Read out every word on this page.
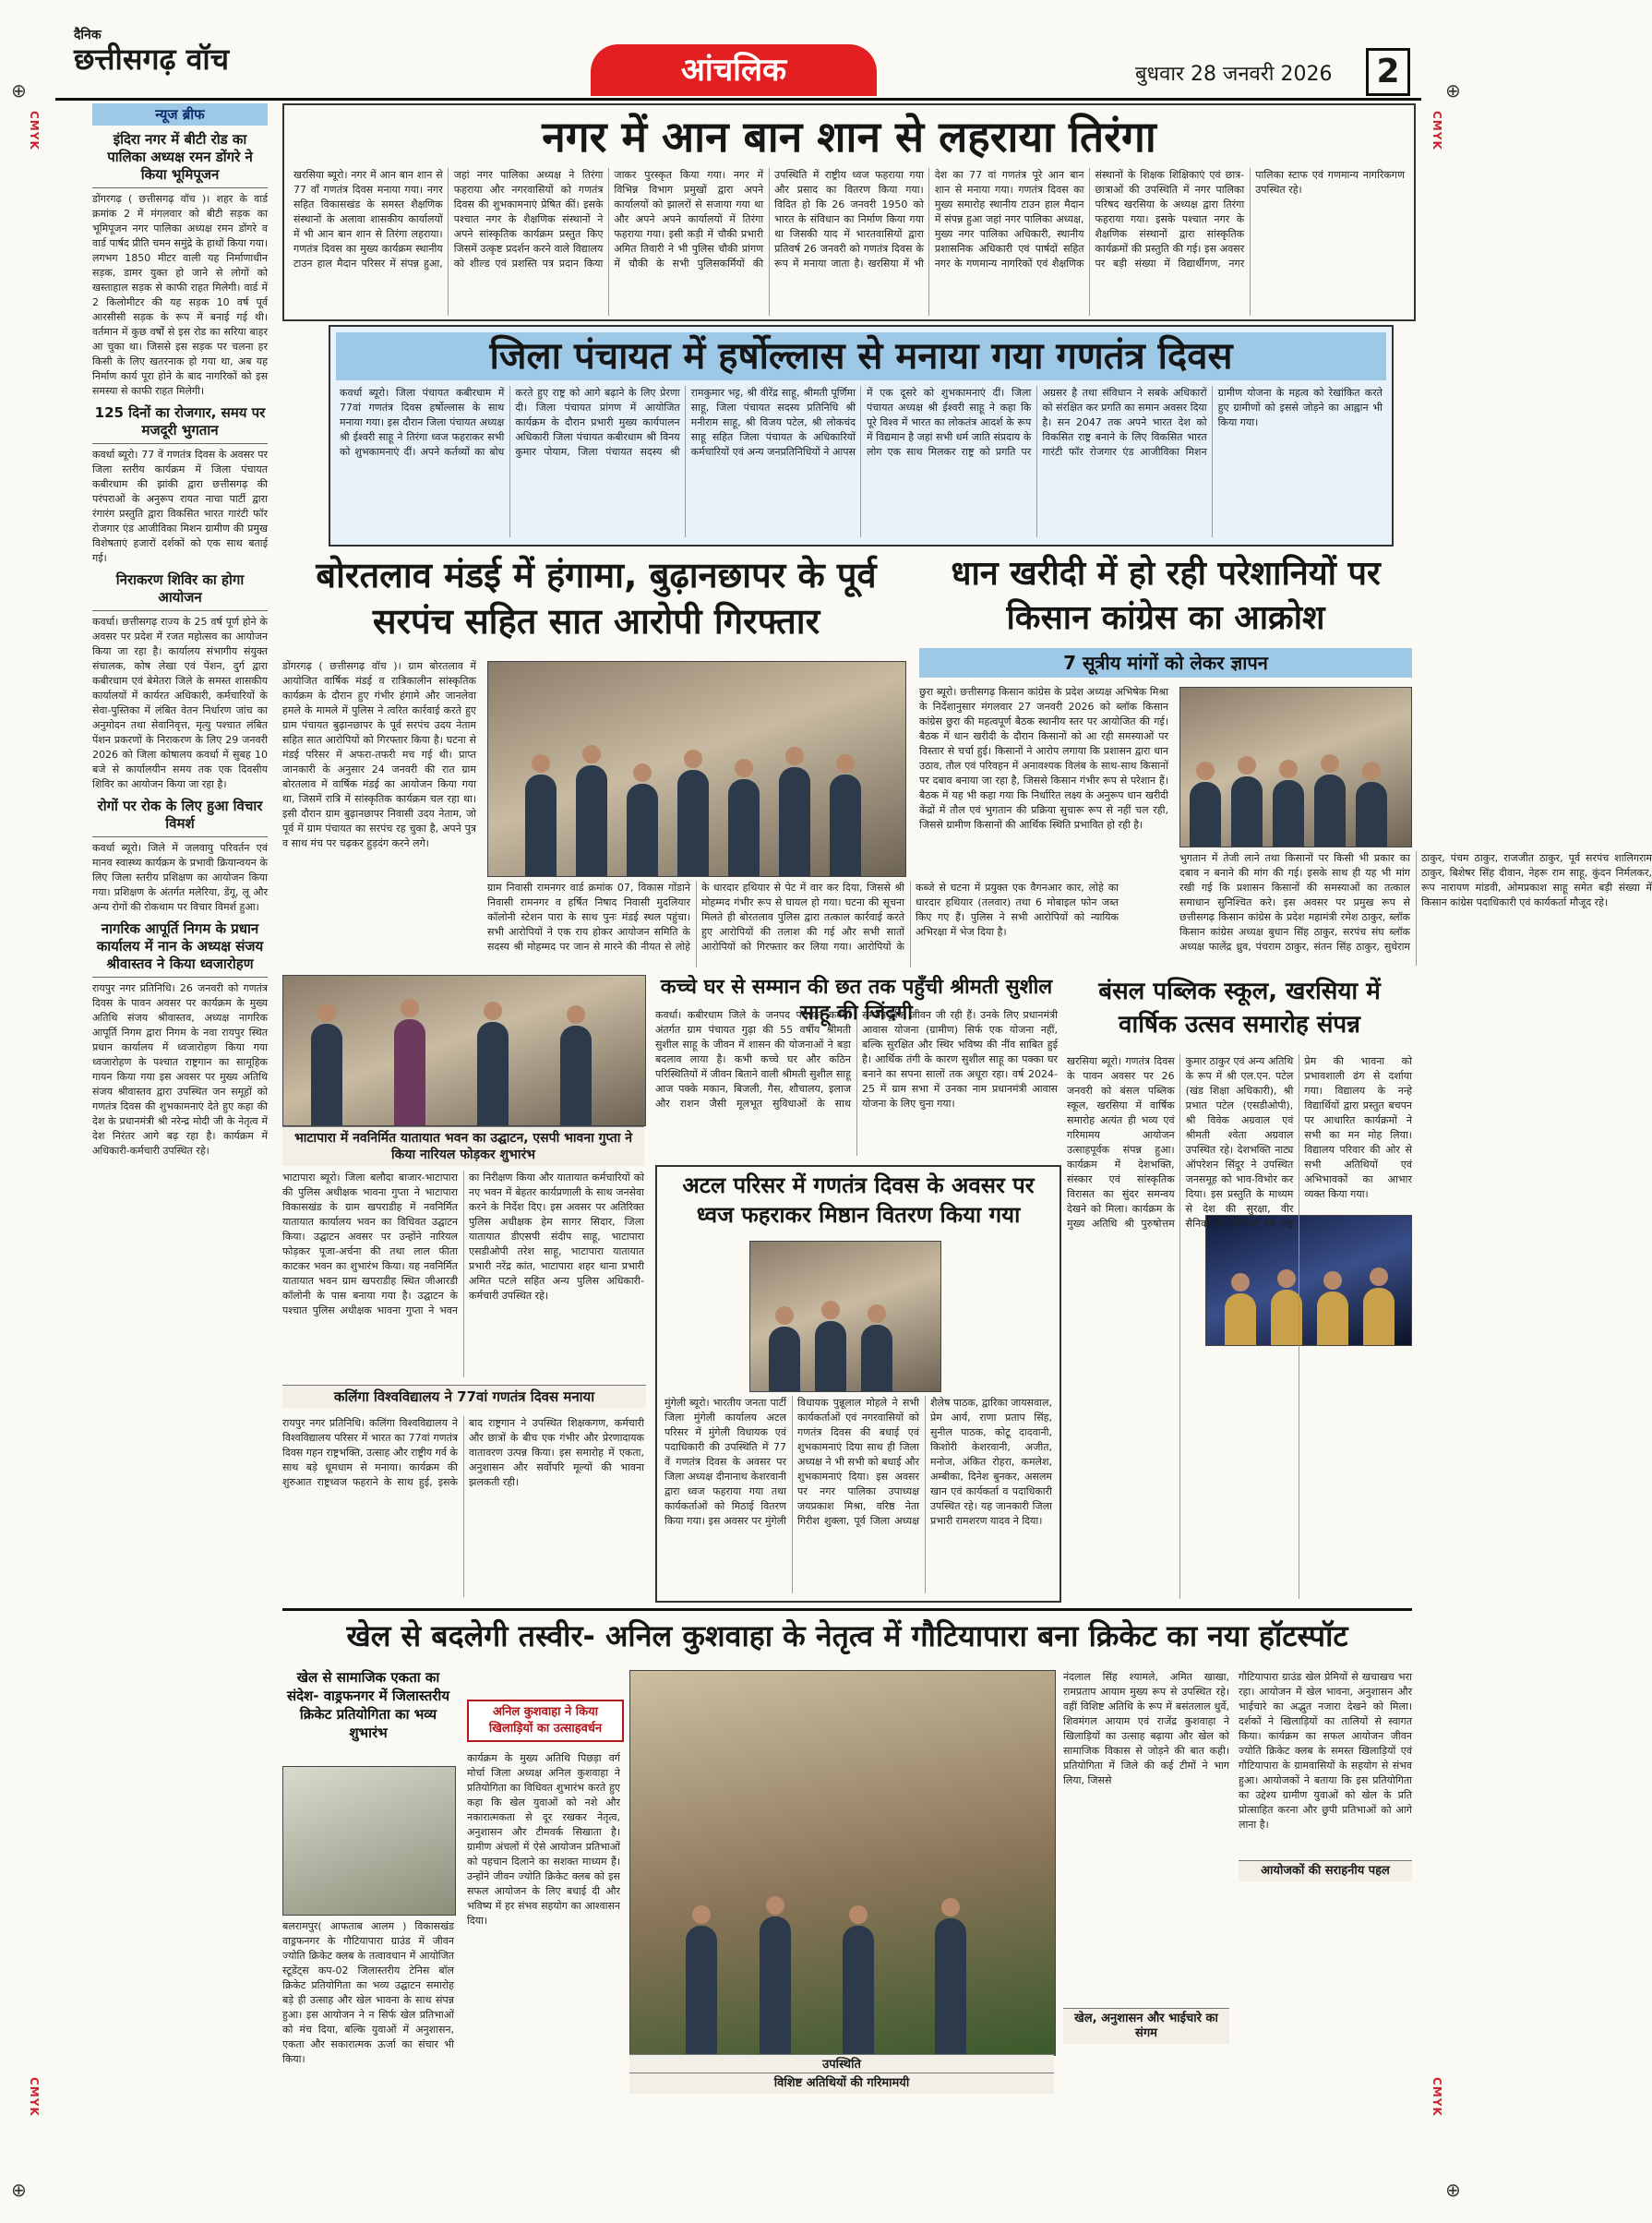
दैनिक
छत्तीसगढ़ वॉच	आंचलिक	बुधवार 28 जनवरी 2026	2
⊕	⊕
⊕	⊕
CMYK	CMYK
CMYK	CMYK
न्यूज ब्रीफ
इंदिरा नगर में बीटी रोड का पालिका अध्यक्ष रमन डोंगरे ने किया भूमिपूजन

डोंगरगढ़ ( छत्तीसगढ़ वॉच )। शहर के वार्ड क्रमांक 2 में मंगलवार को बीटी सड़क का भूमिपूजन नगर पालिका अध्यक्ष रमन डोंगरे व वार्ड पार्षद प्रीति चमन समुंद्रे के हाथों किया गया। लगभग 1850 मीटर वाली यह निर्माणाधीन सड़क, डामर युक्त हो जाने से लोगों को खस्ताहाल सड़क से काफी राहत मिलेगी। वार्ड में 2 किलोमीटर की यह सड़क 10 वर्ष पूर्व आरसीसी सड़क के रूप में बनाई गई थी। वर्तमान में कुछ वर्षों से इस रोड का सरिया बाहर आ चुका था। जिससे इस सड़क पर चलना हर किसी के लिए खतरनाक हो गया था, अब यह निर्माण कार्य पूरा होने के बाद नागरिकों को इस समस्या से काफी राहत मिलेगी।

125 दिनों का रोजगार, समय पर मजदूरी भुगतान

कवर्धा ब्यूरो। 77 वें गणतंत्र दिवस के अवसर पर जिला स्तरीय कार्यक्रम में जिला पंचायत कबीरधाम की झांकी द्वारा छत्तीसगढ़ की परंपराओं के अनुरूप रायत नाचा पार्टी द्वारा रंगारंग प्रस्तुति द्वारा विकसित भारत गारंटी फॉर रोजगार एंड आजीविका मिशन ग्रामीण की प्रमुख विशेषताएं हजारों दर्शकों को एक साथ बताई गई।

निराकरण शिविर का होगा आयोजन

कवर्धा। छत्तीसगढ़ राज्य के 25 वर्ष पूर्ण होने के अवसर पर प्रदेश में रजत महोत्सव का आयोजन किया जा रहा है। कार्यालय संभागीय संयुक्त संचालक, कोष लेखा एवं पेंशन, दुर्ग द्वारा कबीरधाम एवं बेमेतरा जिले के समस्त शासकीय कार्यालयों में कार्यरत अधिकारी, कर्मचारियों के सेवा-पुस्तिका में लंबित वेतन निर्धारण जांच का अनुमोदन तथा सेवानिवृत्त, मृत्यु पश्चात लंबित पेंशन प्रकरणों के निराकरण के लिए 29 जनवरी 2026 को जिला कोषालय कवर्धा में सुबह 10 बजे से कार्यालयीन समय तक एक दिवसीय शिविर का आयोजन किया जा रहा है।

रोगों पर रोक के लिए हुआ विचार विमर्श

कवर्धा ब्यूरो। जिले में जलवायु परिवर्तन एवं मानव स्वास्थ्य कार्यक्रम के प्रभावी क्रियान्वयन के लिए जिला स्तरीय प्रशिक्षण का आयोजन किया गया। प्रशिक्षण के अंतर्गत मलेरिया, डेंगू, लू और अन्य रोगों की रोकथाम पर विचार विमर्श हुआ।

नागरिक आपूर्ति निगम के प्रधान कार्यालय में नान के अध्यक्ष संजय श्रीवास्तव ने किया ध्वजारोहण

रायपुर नगर प्रतिनिधि। 26 जनवरी को गणतंत्र दिवस के पावन अवसर पर कार्यक्रम के मुख्य अतिथि संजय श्रीवास्तव, अध्यक्ष नागरिक आपूर्ति निगम द्वारा निगम के नवा रायपुर स्थित प्रधान कार्यालय में ध्वजारोहण किया गया ध्वजारोहण के पश्चात राष्ट्रगान का सामूहिक गायन किया गया इस अवसर पर मुख्य अतिथि संजय श्रीवास्तव द्वारा उपस्थित जन समूहों को गणतंत्र दिवस की शुभकामनाएं देते हुए कहा की देश के प्रधानमंत्री श्री नरेन्द्र मोदी जी के नेतृत्व में देश निरंतर आगे बढ़ रहा है। कार्यक्रम में अधिकारी-कर्मचारी उपस्थित रहे।

नगर में आन बान शान से लहराया तिरंगा

खरसिया ब्यूरो। नगर में आन बान शान से 77 वाँ गणतंत्र दिवस मनाया गया। नगर सहित विकासखंड के समस्त शैक्षणिक संस्थानों के अलावा शासकीय कार्यालयों में भी आन बान शान से तिरंगा लहराया। गणतंत्र दिवस का मुख्य कार्यक्रम स्थानीय टाउन हाल मैदान परिसर में संपन्न हुआ, जहां नगर पालिका अध्यक्ष ने तिरंगा फहराया और नगरवासियों को गणतंत्र दिवस की शुभकामनाएं प्रेषित कीं। इसके पश्चात नगर के शैक्षणिक संस्थानों ने अपने सांस्कृतिक कार्यक्रम प्रस्तुत किए जिसमें उत्कृष्ट प्रदर्शन करने वाले विद्यालय को शील्ड एवं प्रशस्ति पत्र प्रदान किया जाकर पुरस्कृत किया गया। नगर में विभिन्न विभाग प्रमुखों द्वारा अपने कार्यालयों को झालरों से सजाया गया था और अपने अपने कार्यालयों में तिरंगा फहराया गया। इसी कड़ी में चौकी प्रभारी अमित तिवारी ने भी पुलिस चौकी प्रांगण में चौकी के सभी पुलिसकर्मियों की उपस्थिति में राष्ट्रीय ध्वज फहराया गया और प्रसाद का वितरण किया गया। विदित हो कि 26 जनवरी 1950 को भारत के संविधान का निर्माण किया गया था जिसकी याद में भारतवासियों द्वारा प्रतिवर्ष 26 जनवरी को गणतंत्र दिवस के रूप में मनाया जाता है। खरसिया में भी देश का 77 वां गणतंत्र पूरे आन बान शान से मनाया गया। गणतंत्र दिवस का मुख्य समारोह स्थानीय टाउन हाल मैदान में संपन्न हुआ जहां नगर पालिका अध्यक्ष, मुख्य नगर पालिका अधिकारी, स्थानीय प्रशासनिक अधिकारी एवं पार्षदों सहित नगर के गणमान्य नागरिकों एवं शैक्षणिक संस्थानों के शिक्षक शिक्षिकाएं एवं छात्र-छात्राओं की उपस्थिति में नगर पालिका परिषद खरसिया के अध्यक्ष द्वारा तिरंगा फहराया गया। इसके पश्चात नगर के शैक्षणिक संस्थानों द्वारा सांस्कृतिक कार्यक्रमों की प्रस्तुति की गई। इस अवसर पर बड़ी संख्या में विद्यार्थीगण, नगर पालिका स्टाफ एवं गणमान्य नागरिकगण उपस्थित रहे।

जिला पंचायत में हर्षोल्लास से मनाया गया गणतंत्र दिवस

कवर्धा ब्यूरो। जिला पंचायत कबीरधाम में 77वां गणतंत्र दिवस हर्षोल्लास के साथ मनाया गया। इस दौरान जिला पंचायत अध्यक्ष श्री ईश्वरी साहू ने तिरंगा ध्वज फहराकर सभी को शुभकामनाएं दीं। अपने कर्तव्यों का बोध करते हुए राष्ट्र को आगे बढ़ाने के लिए प्रेरणा दी। जिला पंचायत प्रांगण में आयोजित कार्यक्रम के दौरान प्रभारी मुख्य कार्यपालन अधिकारी जिला पंचायत कबीरधाम श्री विनय कुमार पोयाम, जिला पंचायत सदस्य श्री रामकुमार भट्ट, श्री वीरेंद्र साहू, श्रीमती पूर्णिमा साहू, जिला पंचायत सदस्य प्रतिनिधि श्री मनीराम साहू, श्री विजय पटेल, श्री लोकचंद साहू सहित जिला पंचायत के अधिकारियों कर्मचारियों एवं अन्य जनप्रतिनिधियों ने आपस में एक दूसरे को शुभकामनाएं दीं। जिला पंचायत अध्यक्ष श्री ईश्वरी साहू ने कहा कि पूरे विश्व में भारत का लोकतंत्र आदर्श के रूप में विद्यमान है जहां सभी धर्म जाति संप्रदाय के लोग एक साथ मिलकर राष्ट्र को प्रगति पर अग्रसर है तथा संविधान ने सबके अधिकारों को संरक्षित कर प्रगति का समान अवसर दिया है। सन 2047 तक अपने भारत देश को विकसित राष्ट्र बनाने के लिए विकसित भारत गारंटी फॉर रोजगार एंड आजीविका मिशन ग्रामीण योजना के महत्व को रेखांकित करते हुए ग्रामीणों को इससे जोड़ने का आह्वान भी किया गया।

बोरतलाव मंडई में हंगामा, बुढ़ानछापर के पूर्व सरपंच सहित सात आरोपी गिरफ्तार

डोंगरगढ़ ( छत्तीसगढ़ वॉच )। ग्राम बोरतलाव में आयोजित वार्षिक मंडई व रात्रिकालीन सांस्कृतिक कार्यक्रम के दौरान हुए गंभीर हंगामे और जानलेवा हमले के मामले में पुलिस ने त्वरित कार्रवाई करते हुए ग्राम पंचायत बुढ़ानछापर के पूर्व सरपंच उदय नेताम सहित सात आरोपियों को गिरफ्तार किया है। घटना से मंडई परिसर में अफरा-तफरी मच गई थी। प्राप्त जानकारी के अनुसार 24 जनवरी की रात ग्राम बोरतलाव में वार्षिक मंडई का आयोजन किया गया था, जिसमें रात्रि में सांस्कृतिक कार्यक्रम चल रहा था। इसी दौरान ग्राम बुढ़ानछापर निवासी उदय नेताम, जो पूर्व में ग्राम पंचायत का सरपंच रह चुका है, अपने पुत्र व साथ मंच पर चढ़कर हुड़दंग करने लगे।

ग्राम निवासी रामनगर वार्ड क्रमांक 07, विकास गोंडाने निवासी रामनगर व हर्षित निषाद निवासी मुदलियार कॉलोनी स्टेशन पारा के साथ पुनः मंडई स्थल पहुंचा। सभी आरोपियों ने एक राय होकर आयोजन समिति के सदस्य श्री मोहम्मद पर जान से मारने की नीयत से लोहे के धारदार हथियार से पेट में वार कर दिया, जिससे श्री मोहम्मद गंभीर रूप से घायल हो गया। घटना की सूचना मिलते ही बोरतलाव पुलिस द्वारा तत्काल कार्रवाई करते हुए आरोपियों की तलाश की गई और सभी सातों आरोपियों को गिरफ्तार कर लिया गया। आरोपियों के कब्जे से घटना में प्रयुक्त एक वैगनआर कार, लोहे का धारदार हथियार (तलवार) तथा 6 मोबाइल फोन जब्त किए गए हैं। पुलिस ने सभी आरोपियों को न्यायिक अभिरक्षा में भेज दिया है।

धान खरीदी में हो रही परेशानियों पर किसान कांग्रेस का आक्रोश
7 सूत्रीय मांगों को लेकर ज्ञापन

छुरा ब्यूरो। छत्तीसगढ़ किसान कांग्रेस के प्रदेश अध्यक्ष अभिषेक मिश्रा के निर्देशानुसार मंगलवार 27 जनवरी 2026 को ब्लॉक किसान कांग्रेस छुरा की महत्वपूर्ण बैठक स्थानीय स्तर पर आयोजित की गई। बैठक में धान खरीदी के दौरान किसानों को आ रही समस्याओं पर विस्तार से चर्चा हुई। किसानों ने आरोप लगाया कि प्रशासन द्वारा धान उठाव, तौल एवं परिवहन में अनावश्यक विलंब के साथ-साथ किसानों पर दबाव बनाया जा रहा है, जिससे किसान गंभीर रूप से परेशान हैं। बैठक में यह भी कहा गया कि निर्धारित लक्ष्य के अनुरूप धान खरीदी केंद्रों में तौल एवं भुगतान की प्रक्रिया सुचारू रूप से नहीं चल रही, जिससे ग्रामीण किसानों की आर्थिक स्थिति प्रभावित हो रही है।

भुगतान में तेजी लाने तथा किसानों पर किसी भी प्रकार का दबाव न बनाने की मांग की गई। इसके साथ ही यह भी मांग रखी गई कि प्रशासन किसानों की समस्याओं का तत्काल समाधान सुनिश्चित करे। इस अवसर पर प्रमुख रूप से छत्तीसगढ़ किसान कांग्रेस के प्रदेश महामंत्री रमेश ठाकुर, ब्लॉक किसान कांग्रेस अध्यक्ष बुधान सिंह ठाकुर, सरपंच संघ ब्लॉक अध्यक्ष फालेंद्र ध्रुव, पंचराम ठाकुर, संतन सिंह ठाकुर, सुधेराम ठाकुर, पंचम ठाकुर, राजजीत ठाकुर, पूर्व सरपंच शालिगराम ठाकुर, बिशेषर सिंह दीवान, नेहरू राम साहू, कुंदन निर्मलकर, रूप नारायण मांडवी, ओमप्रकाश साहू समेत बड़ी संख्या में किसान कांग्रेस पदाधिकारी एवं कार्यकर्ता मौजूद रहे।

भाटापारा में नवनिर्मित यातायात भवन का उद्घाटन, एसपी भावना गुप्ता ने किया नारियल फोड़कर शुभारंभ

भाटापारा ब्यूरो। जिला बलौदा बाजार-भाटापारा की पुलिस अधीक्षक भावना गुप्ता ने भाटापारा विकासखंड के ग्राम खपराडीह में नवनिर्मित यातायात कार्यालय भवन का विधिवत उद्घाटन किया। उद्घाटन अवसर पर उन्होंने नारियल फोड़कर पूजा-अर्चना की तथा लाल फीता काटकर भवन का शुभारंभ किया। यह नवनिर्मित यातायात भवन ग्राम खपराडीह स्थित जीआरडी कॉलोनी के पास बनाया गया है। उद्घाटन के पश्चात पुलिस अधीक्षक भावना गुप्ता ने भवन का निरीक्षण किया और यातायात कर्मचारियों को नए भवन में बेहतर कार्यप्रणाली के साथ जनसेवा करने के निर्देश दिए। इस अवसर पर अतिरिक्त पुलिस अधीक्षक हेम सागर सिदार, जिला यातायात डीएसपी संदीप साहू, भाटापारा एसडीओपी तरेश साहू, भाटापारा यातायात प्रभारी नरेंद्र कांत, भाटापारा शहर थाना प्रभारी अमित पटले सहित अन्य पुलिस अधिकारी-कर्मचारी उपस्थित रहे।

कच्चे घर से सम्मान की छत तक पहुँची श्रीमती सुशील साहू की जिंदगी

कवर्धा। कबीरधाम जिले के जनपद पंचायत कवर्धा अंतर्गत ग्राम पंचायत गुढ़ा की 55 वर्षीय श्रीमती सुशील साहू के जीवन में शासन की योजनाओं ने बड़ा बदलाव लाया है। कभी कच्चे घर और कठिन परिस्थितियों में जीवन बिताने वाली श्रीमती सुशील साहू आज पक्के मकान, बिजली, गैस, शौचालय, इलाज और राशन जैसी मूलभूत सुविधाओं के साथ सम्मानपूर्वक जीवन जी रही हैं। उनके लिए प्रधानमंत्री आवास योजना (ग्रामीण) सिर्फ एक योजना नहीं, बल्कि सुरक्षित और स्थिर भविष्य की नींव साबित हुई है। आर्थिक तंगी के कारण सुशील साहू का पक्का घर बनाने का सपना सालों तक अधूरा रहा। वर्ष 2024-25 में ग्राम सभा में उनका नाम प्रधानमंत्री आवास योजना के लिए चुना गया।

अटल परिसर में गणतंत्र दिवस के अवसर पर ध्वज फहराकर मिष्ठान वितरण किया गया

मुंगेली ब्यूरो। भारतीय जनता पार्टी जिला मुंगेली कार्यालय अटल परिसर में मुंगेली विधायक एवं पदाधिकारी की उपस्थिति में 77 वें गणतंत्र दिवस के अवसर पर जिला अध्यक्ष दीनानाथ केशरवानी द्वारा ध्वज फहराया गया तथा कार्यकर्ताओं को मिठाई वितरण किया गया। इस अवसर पर मुंगेली विधायक पुन्नूलाल मोहले ने सभी कार्यकर्ताओं एवं नगरवासियों को गणतंत्र दिवस की बधाई एवं शुभकामनाएं दिया साथ ही जिला अध्यक्ष ने भी सभी को बधाई और शुभकामनाएं दिया। इस अवसर पर नगर पालिका उपाध्यक्ष जयप्रकाश मिश्रा, वरिष्ठ नेता गिरीश शुक्ला, पूर्व जिला अध्यक्ष शैलेष पाठक, द्वारिका जायसवाल, प्रेम आर्य, राणा प्रताप सिंह, सुनील पाठक, कोटू दादवानी, किशोरी केशरवानी, अजीत, मनोज, अंकित रोहरा, कमलेश, अम्बीका, दिनेश बुनकर, असलम खान एवं कार्यकर्ता व पदाधिकारी उपस्थित रहे। यह जानकारी जिला प्रभारी रामशरण यादव ने दिया।

बंसल पब्लिक स्कूल, खरसिया में वार्षिक उत्सव समारोह संपन्न

खरसिया ब्यूरो। गणतंत्र दिवस के पावन अवसर पर 26 जनवरी को बंसल पब्लिक स्कूल, खरसिया में वार्षिक समारोह अत्यंत ही भव्य एवं गरिमामय आयोजन उत्साहपूर्वक संपन्न हुआ। कार्यक्रम में देशभक्ति, संस्कार एवं सांस्कृतिक विरासत का सुंदर समन्वय देखने को मिला। कार्यक्रम के मुख्य अतिथि श्री पुरुषोत्तम कुमार ठाकुर एवं अन्य अतिथि के रूप में श्री एल.एन. पटेल (खंड शिक्षा अधिकारी), श्री प्रभात पटेल (एसडीओपी), श्री विवेक अग्रवाल एवं श्रीमती श्वेता अग्रवाल उपस्थित रहे। देशभक्ति नाट्य ऑपरेशन सिंदूर ने उपस्थित जनसमूह को भाव-विभोर कर दिया। इस प्रस्तुति के माध्यम से देश की सुरक्षा, वीर सैनिकों के बलिदान एवं राष्ट्र प्रेम की भावना को प्रभावशाली ढंग से दर्शाया गया। विद्यालय के नन्हे विद्यार्थियों द्वारा प्रस्तुत बचपन पर आधारित कार्यक्रमों ने सभी का मन मोह लिया। विद्यालय परिवार की ओर से सभी अतिथियों एवं अभिभावकों का आभार व्यक्त किया गया।

कलिंगा विश्वविद्यालय ने 77वां गणतंत्र दिवस मनाया

रायपुर नगर प्रतिनिधि। कलिंगा विश्वविद्यालय ने विश्वविद्यालय परिसर में भारत का 77वां गणतंत्र दिवस गहन राष्ट्रभक्ति, उत्साह और राष्ट्रीय गर्व के साथ बड़े धूमधाम से मनाया। कार्यक्रम की शुरुआत राष्ट्रध्वज फहराने के साथ हुई, इसके बाद राष्ट्रगान ने उपस्थित शिक्षकगण, कर्मचारी और छात्रों के बीच एक गंभीर और प्रेरणादायक वातावरण उत्पन्न किया। इस समारोह में एकता, अनुशासन और सर्वोपरि मूल्यों की भावना झलकती रही।

खेल से बदलेगी तस्वीर- अनिल कुशवाहा के नेतृत्व में गौटियापारा बना क्रिकेट का नया हॉटस्पॉट
खेल से सामाजिक एकता का संदेश- वाड्रफनगर में जिलास्तरीय क्रिकेट प्रतियोगिता का भव्य शुभारंभ

बलरामपुर( आफताब आलम ) विकासखंड वाड्रफनगर के गौटियापारा ग्राउंड में जीवन ज्योति क्रिकेट क्लब के तत्वावधान में आयोजित स्टूडेंट्स कप-02 जिलास्तरीय टेनिस बॉल क्रिकेट प्रतियोगिता का भव्य उद्घाटन समारोह बड़े ही उत्साह और खेल भावना के साथ संपन्न हुआ। इस आयोजन ने न सिर्फ खेल प्रतिभाओं को मंच दिया, बल्कि युवाओं में अनुशासन, एकता और सकारात्मक ऊर्जा का संचार भी किया।

अनिल कुशवाहा ने किया खिलाड़ियों का उत्साहवर्धन

कार्यक्रम के मुख्य अतिथि पिछड़ा वर्ग मोर्चा जिला अध्यक्ष अनिल कुशवाहा ने प्रतियोगिता का विधिवत शुभारंभ करते हुए कहा कि खेल युवाओं को नशे और नकारात्मकता से दूर रखकर नेतृत्व, अनुशासन और टीमवर्क सिखाता है। ग्रामीण अंचलों में ऐसे आयोजन प्रतिभाओं को पहचान दिलाने का सशक्त माध्यम हैं। उन्होंने जीवन ज्योति क्रिकेट क्लब को इस सफल आयोजन के लिए बधाई दी और भविष्य में हर संभव सहयोग का आश्वासन दिया।

उपस्थिति
विशिष्ट अतिथियों की गरिमामयी

नंदलाल सिंह श्यामले, अमित खाखा, रामप्रताप आयाम मुख्य रूप से उपस्थित रहे। वहीं विशिष्ट अतिथि के रूप में बसंतलाल धुर्वे, शिवमंगल आयाम एवं राजेंद्र कुशवाहा ने खिलाड़ियों का उत्साह बढ़ाया और खेल को सामाजिक विकास से जोड़ने की बात कही। प्रतियोगिता में जिले की कई टीमों ने भाग लिया, जिससे

खेल, अनुशासन और भाईचारे का संगम

गौटियापारा ग्राउंड खेल प्रेमियों से खचाखच भरा रहा। आयोजन में खेल भावना, अनुशासन और भाईचारे का अद्भुत नजारा देखने को मिला। दर्शकों ने खिलाड़ियों का तालियों से स्वागत किया। कार्यक्रम का सफल आयोजन जीवन ज्योति क्रिकेट क्लब के समस्त खिलाड़ियों एवं गौटियापारा के ग्रामवासियों के सहयोग से संभव हुआ। आयोजकों ने बताया कि इस प्रतियोगिता का उद्देश्य ग्रामीण युवाओं को खेल के प्रति प्रोत्साहित करना और छुपी प्रतिभाओं को आगे लाना है।

आयोजकों की सराहनीय पहल
